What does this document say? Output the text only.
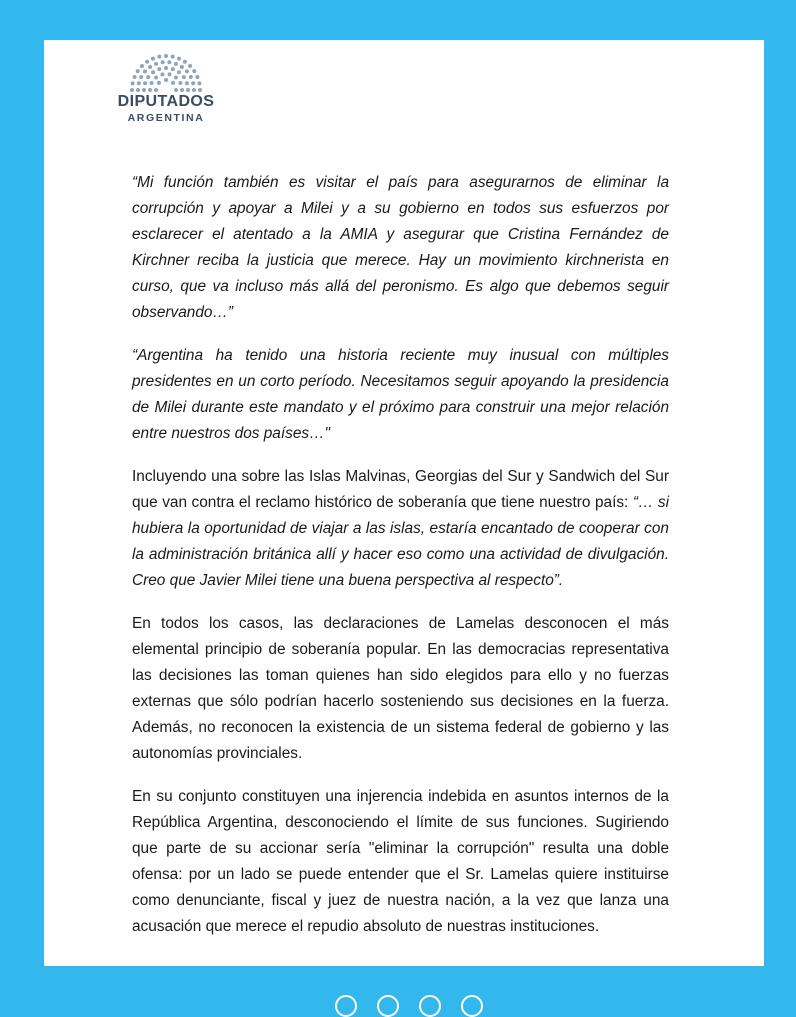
DIPUTADOS
ARGENTINA

“Mi función también es visitar el país para asegurarnos de eliminar la corrupción y apoyar a Milei y a su gobierno en todos sus esfuerzos por esclarecer el atentado a la AMIA y asegurar que Cristina Fernández de Kirchner reciba la justicia que merece. Hay un movimiento kirchnerista en curso, que va incluso más allá del peronismo. Es algo que debemos seguir observando…”

“Argentina ha tenido una historia reciente muy inusual con múltiples presidentes en un corto período. Necesitamos seguir apoyando la presidencia de Milei durante este mandato y el próximo para construir una mejor relación entre nuestros dos países…"

Incluyendo una sobre las Islas Malvinas, Georgias del Sur y Sandwich del Sur que van contra el reclamo histórico de soberanía que tiene nuestro país: “… si hubiera la oportunidad de viajar a las islas, estaría encantado de cooperar con la administración británica allí y hacer eso como una actividad de divulgación. Creo que Javier Milei tiene una buena perspectiva al respecto”.

En todos los casos, las declaraciones de Lamelas desconocen el más elemental principio de soberanía popular. En las democracias representativa las decisiones las toman quienes han sido elegidos para ello y no fuerzas externas que sólo podrían hacerlo sosteniendo sus decisiones en la fuerza. Además, no reconocen la existencia de un sistema federal de gobierno y las autonomías provinciales.

En su conjunto constituyen una injerencia indebida en asuntos internos de la República Argentina, desconociendo el límite de sus funciones. Sugiriendo que parte de su accionar sería "eliminar la corrupción" resulta una doble ofensa: por un lado se puede entender que el Sr. Lamelas quiere instituirse como denunciante, fiscal y juez de nuestra nación, a la vez que lanza una acusación que merece el repudio absoluto de nuestras instituciones.
